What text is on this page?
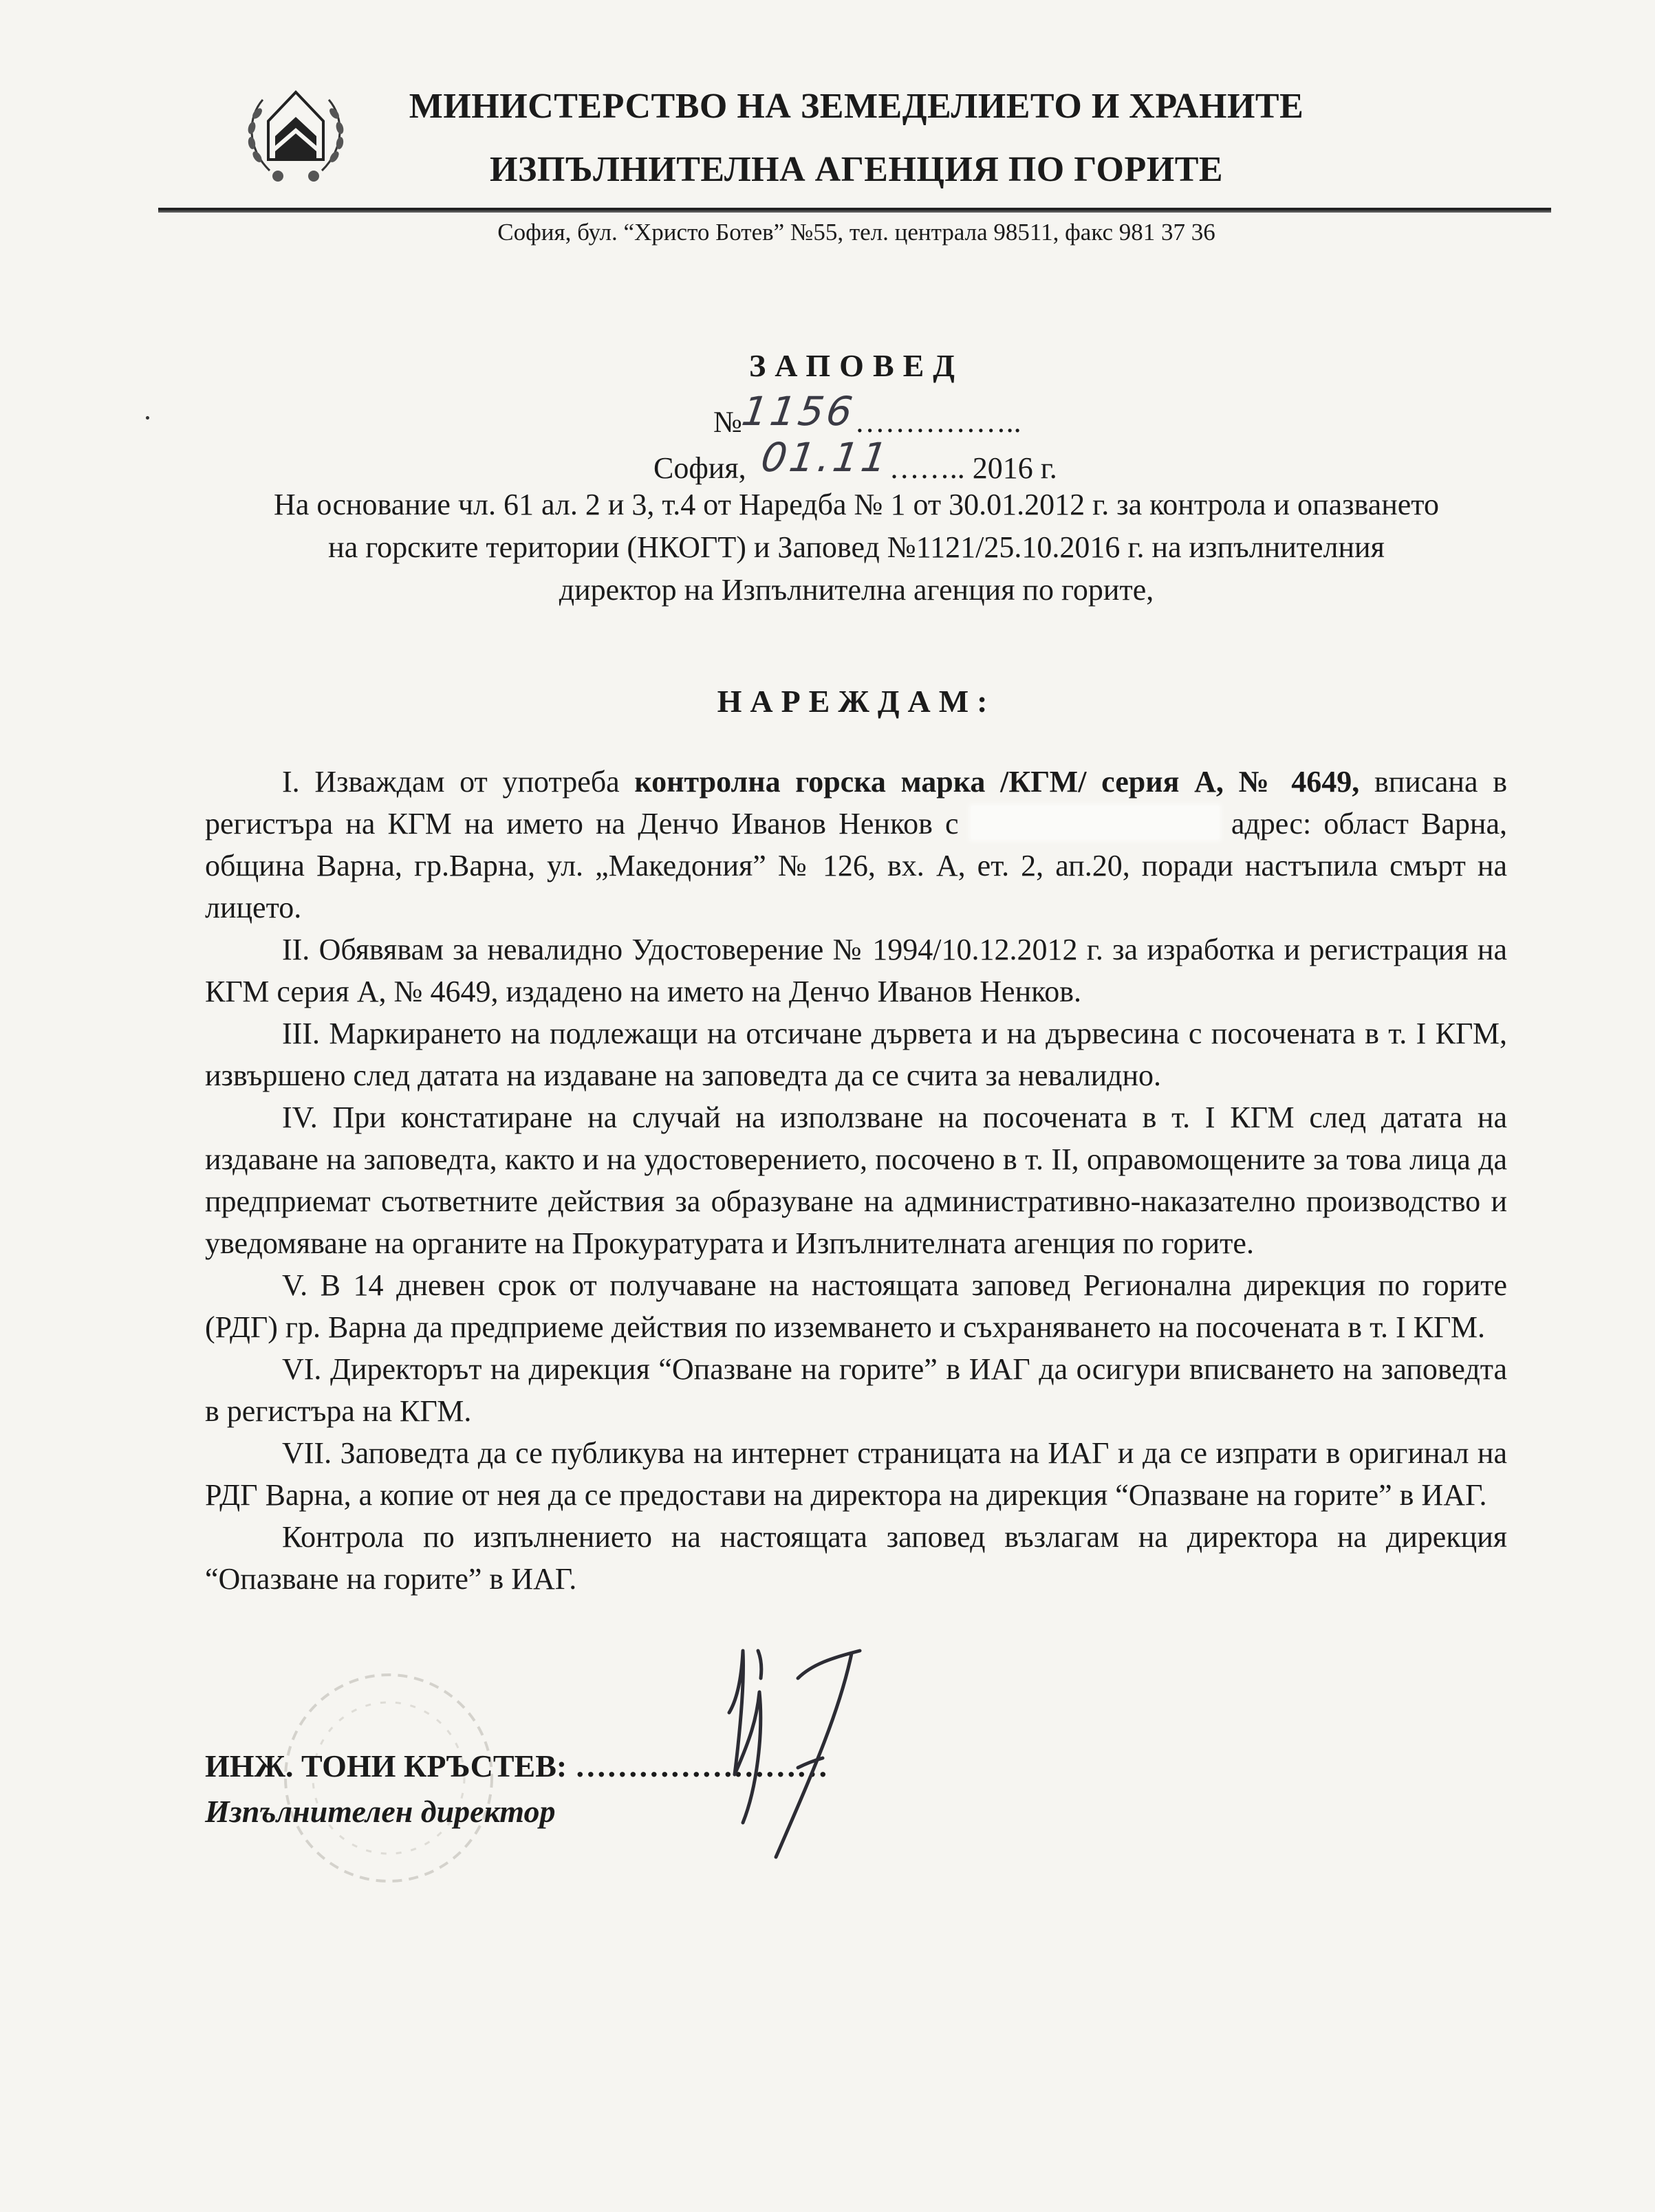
МИНИСТЕРСТВО НА ЗЕМЕДЕЛИЕТО И ХРАНИТЕ
ИЗПЪЛНИТЕЛНА АГЕНЦИЯ ПО ГОРИТЕ
София, бул. “Христо Ботев” №55, тел. централа 98511, факс 981 37 36
ЗАПОВЕД
№1156……………..
София, 01.11…….. 2016 г.
На основание чл. 61 ал. 2 и 3, т.4 от Наредба № 1 от 30.01.2012 г. за контрола и опазването на горските територии (НКОГТ) и Заповед №1121/25.10.2016 г. на изпълнителния директор на Изпълнителна агенция по горите,
НАРЕЖДАМ:

I. Изваждам от употреба контролна горска марка /КГМ/ серия А, № 4649, вписана в регистъра на КГМ на името на Денчо Иванов Ненков с	адрес: област Варна, община Варна, гр.Варна, ул. „Македония” № 126, вх. А, ет. 2, ап.20, поради настъпила смърт на лицето.

II. Обявявам за невалидно Удостоверение № 1994/10.12.2012 г. за изработка и регистрация на КГМ серия А, № 4649, издадено на името на Денчо Иванов Ненков.

III. Маркирането на подлежащи на отсичане дървета и на дървесина с посочената в т. I КГМ, извършено след датата на издаване на заповедта да се счита за невалидно.

IV. При констатиране на случай на използване на посочената в т. I КГМ след датата на издаване на заповедта, както и на удостоверението, посочено в т. II, оправомощените за това лица да предприемат съответните действия за образуване на административно-наказателно производство и уведомяване на органите на Прокуратурата и Изпълнителната агенция по горите.

V. В 14 дневен срок от получаване на настоящата заповед Регионална дирекция по горите (РДГ) гр. Варна да предприеме действия по изземването и съхраняването на посочената в т. I КГМ.

VI. Директорът на дирекция “Опазване на горите” в ИАГ да осигури вписването на заповедта в регистъра на КГМ.

VII. Заповедта да се публикува на интернет страницата на ИАГ и да се изпрати в оригинал на РДГ Варна, а копие от нея да се предостави на директора на дирекция “Опазване на горите” в ИАГ.

Контрола по изпълнението на настоящата заповед възлагам на директора на дирекция “Опазване на горите” в ИАГ.

ИНЖ. ТОНИ КРЪСТЕВ: ……………………
Изпълнителен директор
